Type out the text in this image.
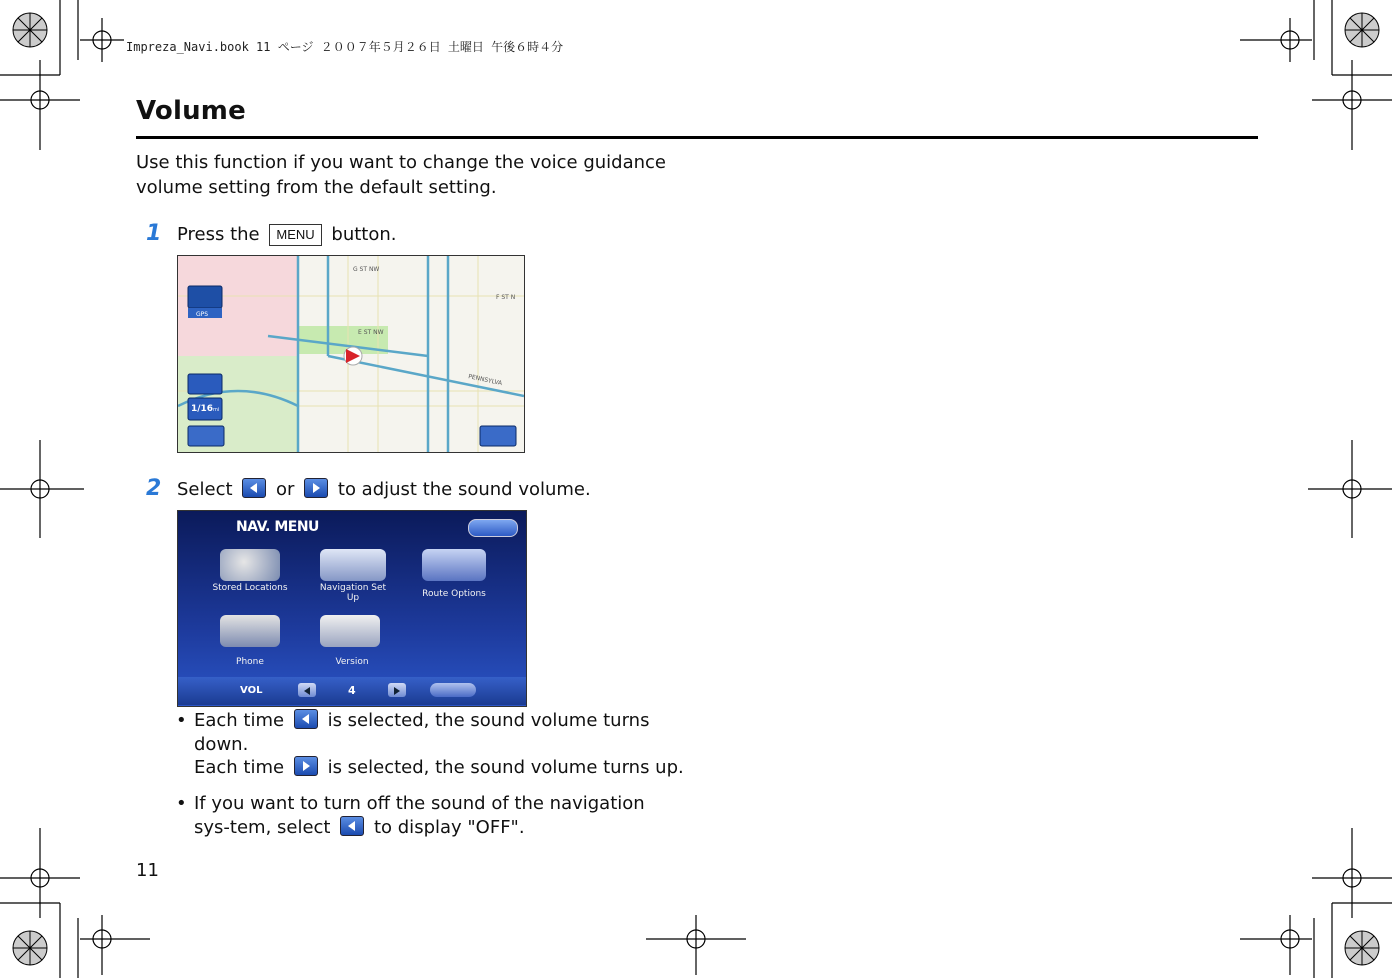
Impreza_Navi.book 11 ページ ２００７年５月２６日 土曜日 午後６時４分
Volume
Use this function if you want to change the voice guidance volume setting from the default setting.
1 Press the MENU button.
G ST NW
F ST N
E ST NW
PENNSYLVA
GPS
1/16 mi
2 Select or to adjust the sound volume.
NAV. MENU
Stored Locations	Navigation Set Up	Route Options
Phone	Version
VOL	4
• Each time is selected, the sound volume turns down.
Each time is selected, the sound volume turns up.
• If you want to turn off the sound of the navigation sys-tem, select to display "OFF".
11
